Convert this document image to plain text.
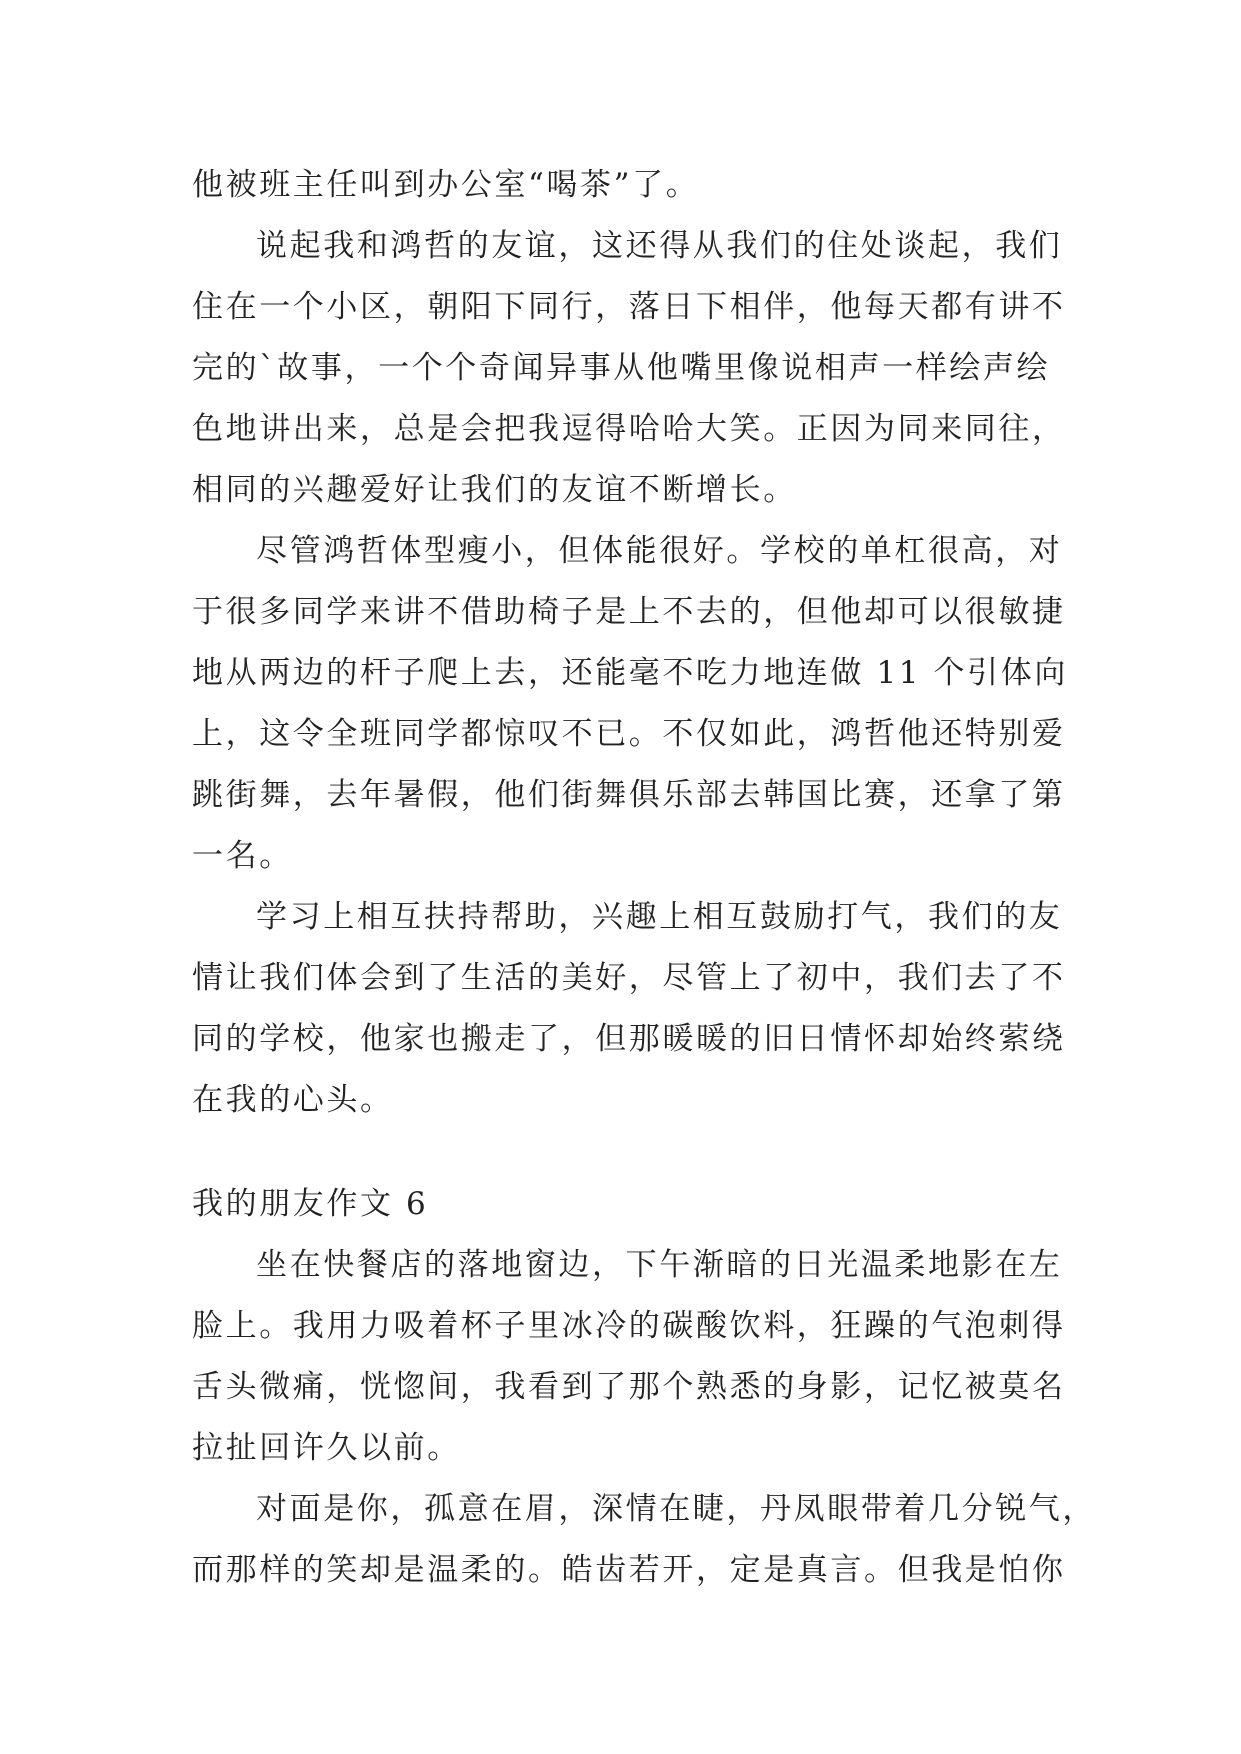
他被班主任叫到办公室“喝茶”了。
说起我和鸿哲的友谊，这还得从我们的住处谈起，我们
住在一个小区，朝阳下同行，落日下相伴，他每天都有讲不
完的`故事，一个个奇闻异事从他嘴里像说相声一样绘声绘
色地讲出来，总是会把我逗得哈哈大笑。正因为同来同往，
相同的兴趣爱好让我们的友谊不断增长。
尽管鸿哲体型瘦小，但体能很好。学校的单杠很高，对
于很多同学来讲不借助椅子是上不去的，但他却可以很敏捷
地从两边的杆子爬上去，还能毫不吃力地连做 11 个引体向
上，这令全班同学都惊叹不已。不仅如此，鸿哲他还特别爱
跳街舞，去年暑假，他们街舞俱乐部去韩国比赛，还拿了第
一名。
学习上相互扶持帮助，兴趣上相互鼓励打气，我们的友
情让我们体会到了生活的美好，尽管上了初中，我们去了不
同的学校，他家也搬走了，但那暖暖的旧日情怀却始终萦绕
在我的心头。
我的朋友作文 6
坐在快餐店的落地窗边，下午渐暗的日光温柔地影在左
脸上。我用力吸着杯子里冰冷的碳酸饮料，狂躁的气泡刺得
舌头微痛，恍惚间，我看到了那个熟悉的身影，记忆被莫名
拉扯回许久以前。
对面是你，孤意在眉，深情在睫，丹凤眼带着几分锐气，
而那样的笑却是温柔的。皓齿若开，定是真言。但我是怕你
